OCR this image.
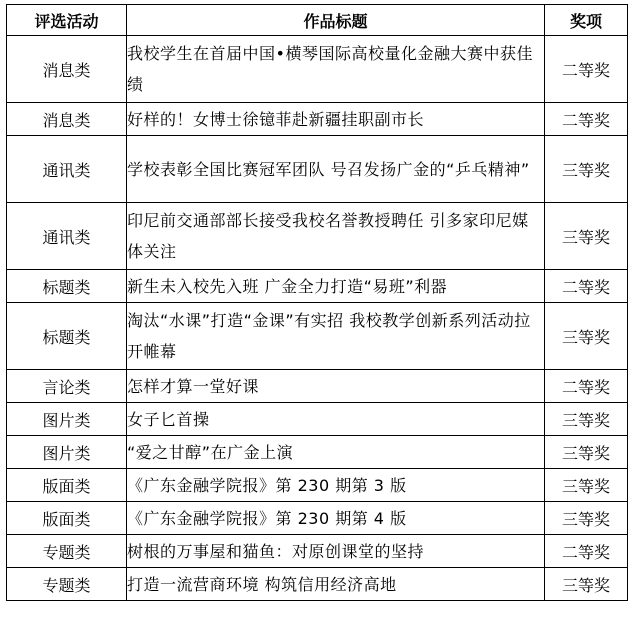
评选活动	作品标题	奖项
消息类	我校学生在首届中国•横琴国际高校量化金融大赛中获佳绩	二等奖
消息类	好样的！女博士徐镱菲赴新疆挂职副市长	二等奖
通讯类	学校表彰全国比赛冠军团队 号召发扬广金的“乒乓精神”	三等奖
通讯类	印尼前交通部部长接受我校名誉教授聘任 引多家印尼媒体关注	三等奖
标题类	新生未入校先入班 广金全力打造“易班”利器	二等奖
标题类	淘汰“水课”打造“金课”有实招 我校教学创新系列活动拉开帷幕	三等奖
言论类	怎样才算一堂好课	二等奖
图片类	女子匕首操	三等奖
图片类	“爱之甘醇”在广金上演	三等奖
版面类	《广东金融学院报》第 230 期第 3 版	三等奖
版面类	《广东金融学院报》第 230 期第 4 版	三等奖
专题类	树根的万事屋和猫鱼：对原创课堂的坚持	二等奖
专题类	打造一流营商环境 构筑信用经济高地	三等奖
